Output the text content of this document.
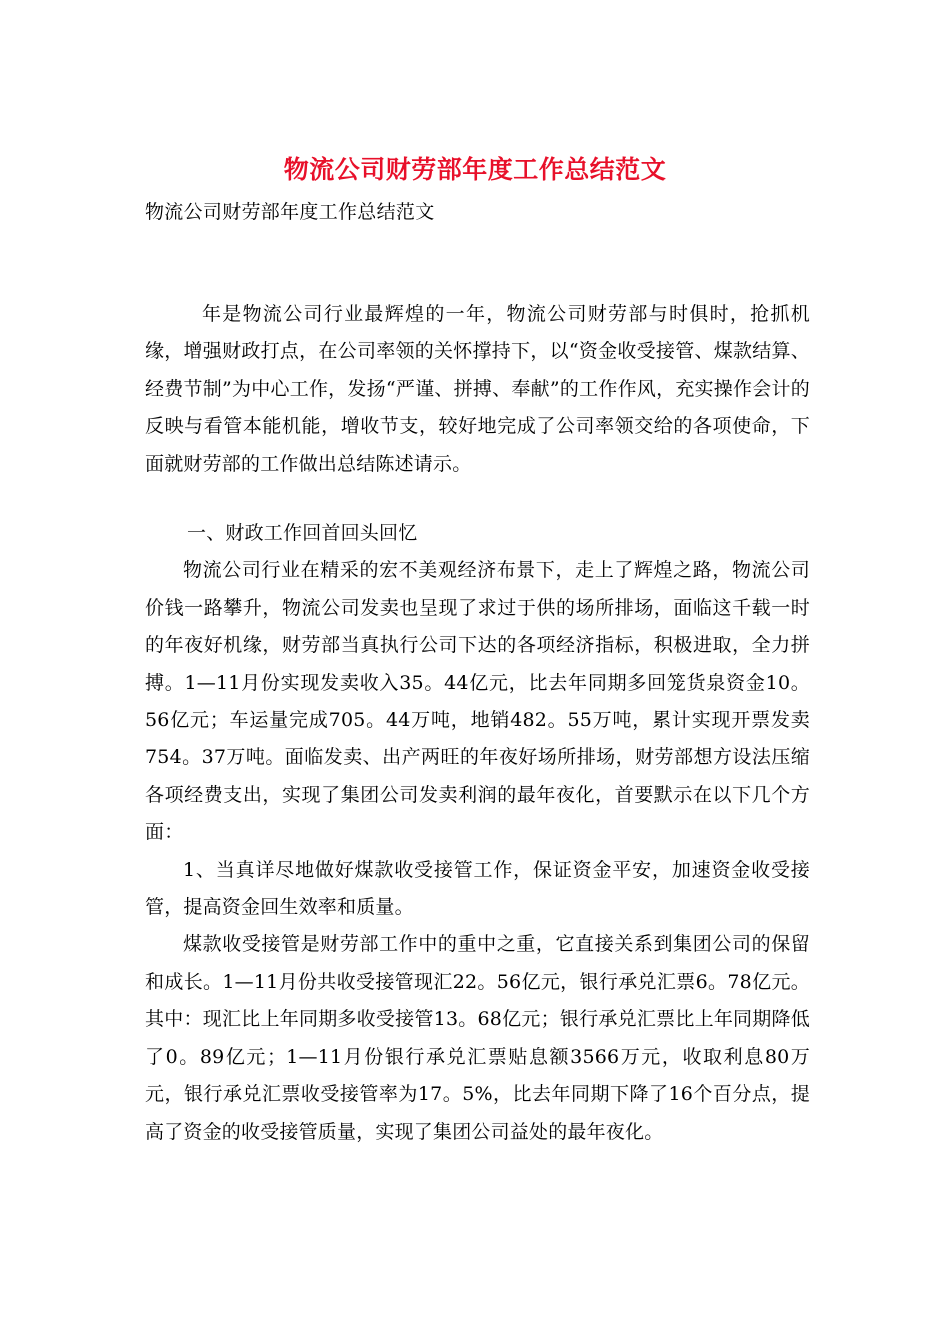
物流公司财劳部年度工作总结范文
物流公司财劳部年度工作总结范文

年是物流公司行业最辉煌的一年，物流公司财劳部与时俱时，抢抓机缘，增强财政打点，在公司率领的关怀撑持下，以“资金收受接管、煤款结算、经费节制”为中心工作，发扬“严谨、拼搏、奉献”的工作作风，充实操作会计的反映与看管本能机能，增收节支，较好地完成了公司率领交给的各项使命，下面就财劳部的工作做出总结陈述请示。

一、财政工作回首回头回忆

物流公司行业在精采的宏不美观经济布景下，走上了辉煌之路，物流公司价钱一路攀升，物流公司发卖也呈现了求过于供的场所排场，面临这千载一时的年夜好机缘，财劳部当真执行公司下达的各项经济指标，积极进取，全力拼搏。1—11月份实现发卖收入35。44亿元，比去年同期多回笼货泉资金10。56亿元；车运量完成705。44万吨，地销482。55万吨，累计实现开票发卖754。37万吨。面临发卖、出产两旺的年夜好场所排场，财劳部想方设法压缩各项经费支出，实现了集团公司发卖利润的最年夜化，首要默示在以下几个方面：

1、当真详尽地做好煤款收受接管工作，保证资金平安，加速资金收受接管，提高资金回生效率和质量。

煤款收受接管是财劳部工作中的重中之重，它直接关系到集团公司的保留和成长。1—11月份共收受接管现汇22。56亿元，银行承兑汇票6。78亿元。其中：现汇比上年同期多收受接管13。68亿元；银行承兑汇票比上年同期降低了0。89亿元；1—11月份银行承兑汇票贴息额3566万元，收取利息80万元，银行承兑汇票收受接管率为17。5%，比去年同期下降了16个百分点，提高了资金的收受接管质量，实现了集团公司益处的最年夜化。
